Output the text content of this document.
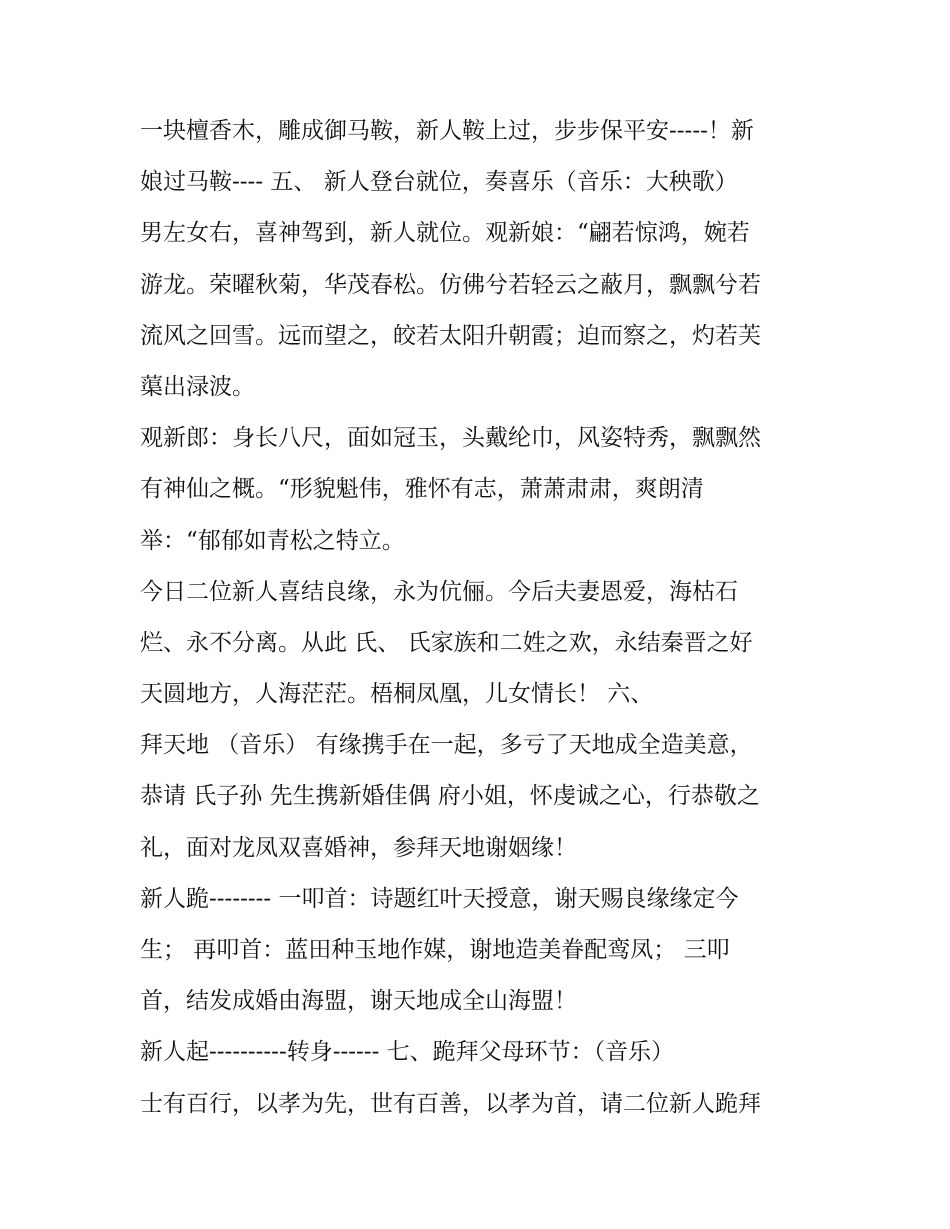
一块檀香木，雕成御马鞍，新人鞍上过，步步保平安-----！新
娘过马鞍---- 五、 新人登台就位，奏喜乐（音乐：大秧歌）
男左女右，喜神驾到，新人就位。观新娘：“翩若惊鸿，婉若
游龙。荣曜秋菊，华茂春松。仿佛兮若轻云之蔽月，飘飘兮若
流风之回雪。远而望之，皎若太阳升朝霞；迫而察之，灼若芙
蕖出渌波。
观新郎：身长八尺，面如冠玉，头戴纶巾，风姿特秀，飘飘然
有神仙之概。“形貌魁伟，雅怀有志，萧萧肃肃，爽朗清
举：“郁郁如青松之特立。
今日二位新人喜结良缘，永为伉俪。今后夫妻恩爱，海枯石
烂、永不分离。从此 氏、 氏家族和二姓之欢，永结秦晋之好
天圆地方，人海茫茫。梧桐凤凰，儿女情长！ 六、
拜天地 （音乐） 有缘携手在一起，多亏了天地成全造美意，
恭请 氏子孙 先生携新婚佳偶 府小姐，怀虔诚之心，行恭敬之
礼，面对龙凤双喜婚神，参拜天地谢姻缘！
新人跪-------- 一叩首：诗题红叶天授意，谢天赐良缘缘定今
生； 再叩首：蓝田种玉地作媒，谢地造美眷配鸾凤； 三叩
首，结发成婚由海盟，谢天地成全山海盟！
新人起----------转身------ 七、跪拜父母环节：（音乐）
士有百行，以孝为先，世有百善，以孝为首，请二位新人跪拜
